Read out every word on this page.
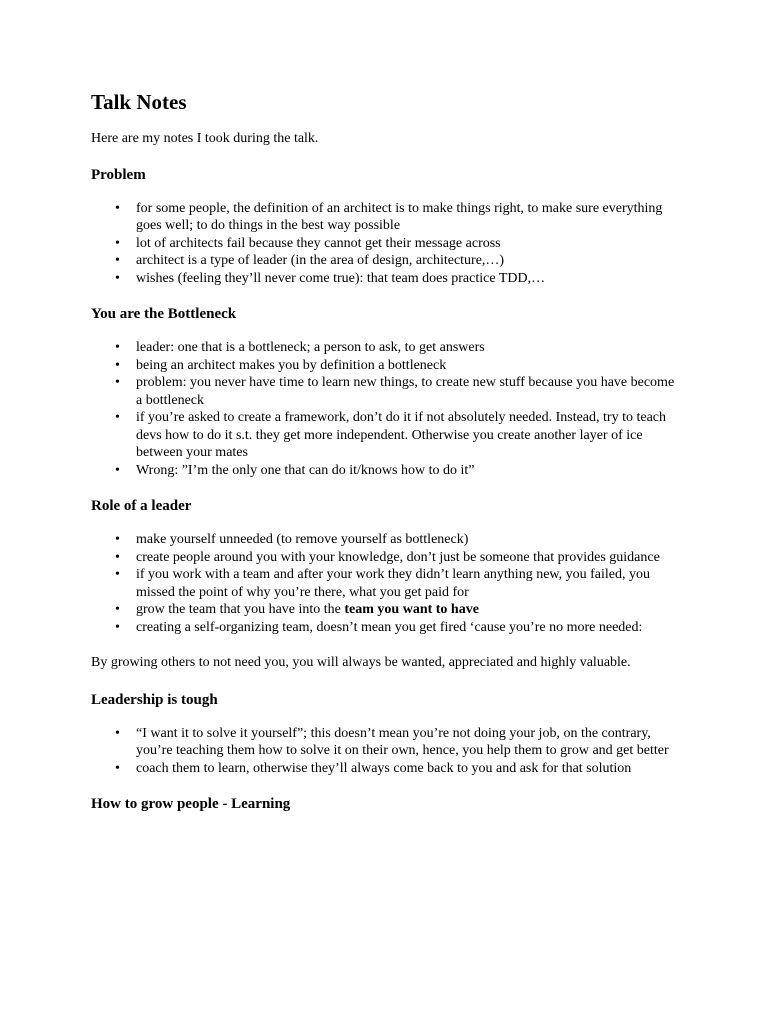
Talk Notes

Here are my notes I took during the talk.

Problem
• for some people, the definition of an architect is to make things right, to make sure everything goes well; to do things in the best way possible
• lot of architects fail because they cannot get their message across
• architect is a type of leader (in the area of design, architecture,…)
• wishes (feeling they’ll never come true): that team does practice TDD,…
You are the Bottleneck
• leader: one that is a bottleneck; a person to ask, to get answers
• being an architect makes you by definition a bottleneck
• problem: you never have time to learn new things, to create new stuff because you have become a bottleneck
• if you’re asked to create a framework, don’t do it if not absolutely needed. Instead, try to teach devs how to do it s.t. they get more independent. Otherwise you create another layer of ice between your mates
• Wrong: ”I’m the only one that can do it/knows how to do it”
Role of a leader
• make yourself unneeded (to remove yourself as bottleneck)
• create people around you with your knowledge, don’t just be someone that provides guidance
• if you work with a team and after your work they didn’t learn anything new, you failed, you missed the point of why you’re there, what you get paid for
• grow the team that you have into the team you want to have
• creating a self-organizing team, doesn’t mean you get fired ‘cause you’re no more needed:

By growing others to not need you, you will always be wanted, appreciated and highly valuable.

Leadership is tough
• “I want it to solve it yourself”; this doesn’t mean you’re not doing your job, on the contrary, you’re teaching them how to solve it on their own, hence, you help them to grow and get better
• coach them to learn, otherwise they’ll always come back to you and ask for that solution
How to grow people - Learning
